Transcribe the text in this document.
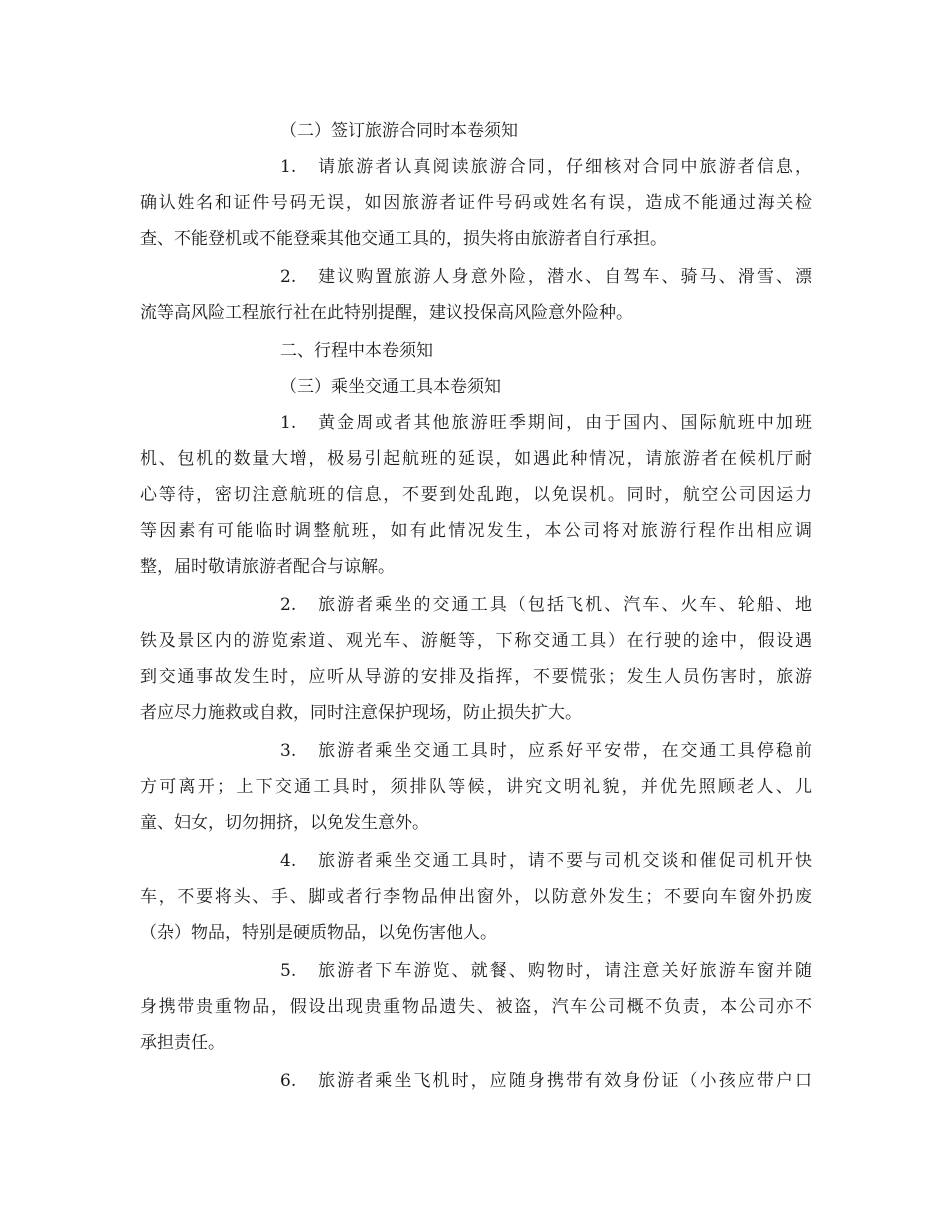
（二）签订旅游合同时本卷须知
1. 请旅游者认真阅读旅游合同，仔细核对合同中旅游者信息，
确认姓名和证件号码无误，如因旅游者证件号码或姓名有误，造成不能通过海关检
查、不能登机或不能登乘其他交通工具的，损失将由旅游者自行承担。
2. 建议购置旅游人身意外险，潜水、自驾车、骑马、滑雪、漂
流等高风险工程旅行社在此特别提醒，建议投保高风险意外险种。
二、行程中本卷须知
（三）乘坐交通工具本卷须知
1. 黄金周或者其他旅游旺季期间，由于国内、国际航班中加班
机、包机的数量大增，极易引起航班的延误，如遇此种情况，请旅游者在候机厅耐
心等待，密切注意航班的信息，不要到处乱跑，以免误机。同时，航空公司因运力
等因素有可能临时调整航班，如有此情况发生，本公司将对旅游行程作出相应调
整，届时敬请旅游者配合与谅解。
2. 旅游者乘坐的交通工具（包括飞机、汽车、火车、轮船、地
铁及景区内的游览索道、观光车、游艇等，下称交通工具）在行驶的途中，假设遇
到交通事故发生时，应听从导游的安排及指挥，不要慌张；发生人员伤害时，旅游
者应尽力施救或自救，同时注意保护现场，防止损失扩大。
3. 旅游者乘坐交通工具时，应系好平安带，在交通工具停稳前
方可离开；上下交通工具时，须排队等候，讲究文明礼貌，并优先照顾老人、儿
童、妇女，切勿拥挤，以免发生意外。
4. 旅游者乘坐交通工具时，请不要与司机交谈和催促司机开快
车，不要将头、手、脚或者行李物品伸出窗外，以防意外发生；不要向车窗外扔废
（杂）物品，特别是硬质物品，以免伤害他人。
5. 旅游者下车游览、就餐、购物时，请注意关好旅游车窗并随
身携带贵重物品，假设出现贵重物品遗失、被盗，汽车公司概不负责，本公司亦不
承担责任。
6. 旅游者乘坐飞机时，应随身携带有效身份证（小孩应带户口
